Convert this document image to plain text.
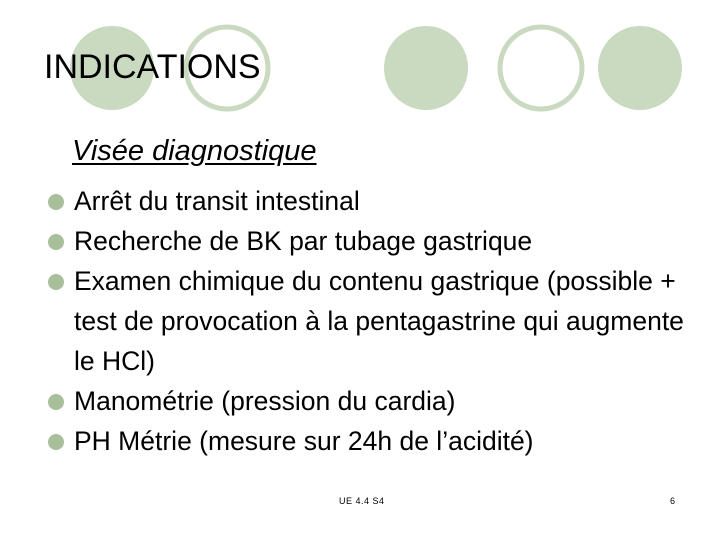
INDICATIONS
Visée diagnostique
Arrêt du transit intestinal
Recherche de BK par tubage gastrique
Examen chimique du contenu gastrique (possible + test de provocation à la pentagastrine qui augmente le HCl)
Manométrie (pression du cardia)
PH Métrie (mesure sur 24h de l’acidité)
UE 4.4 S4	6
